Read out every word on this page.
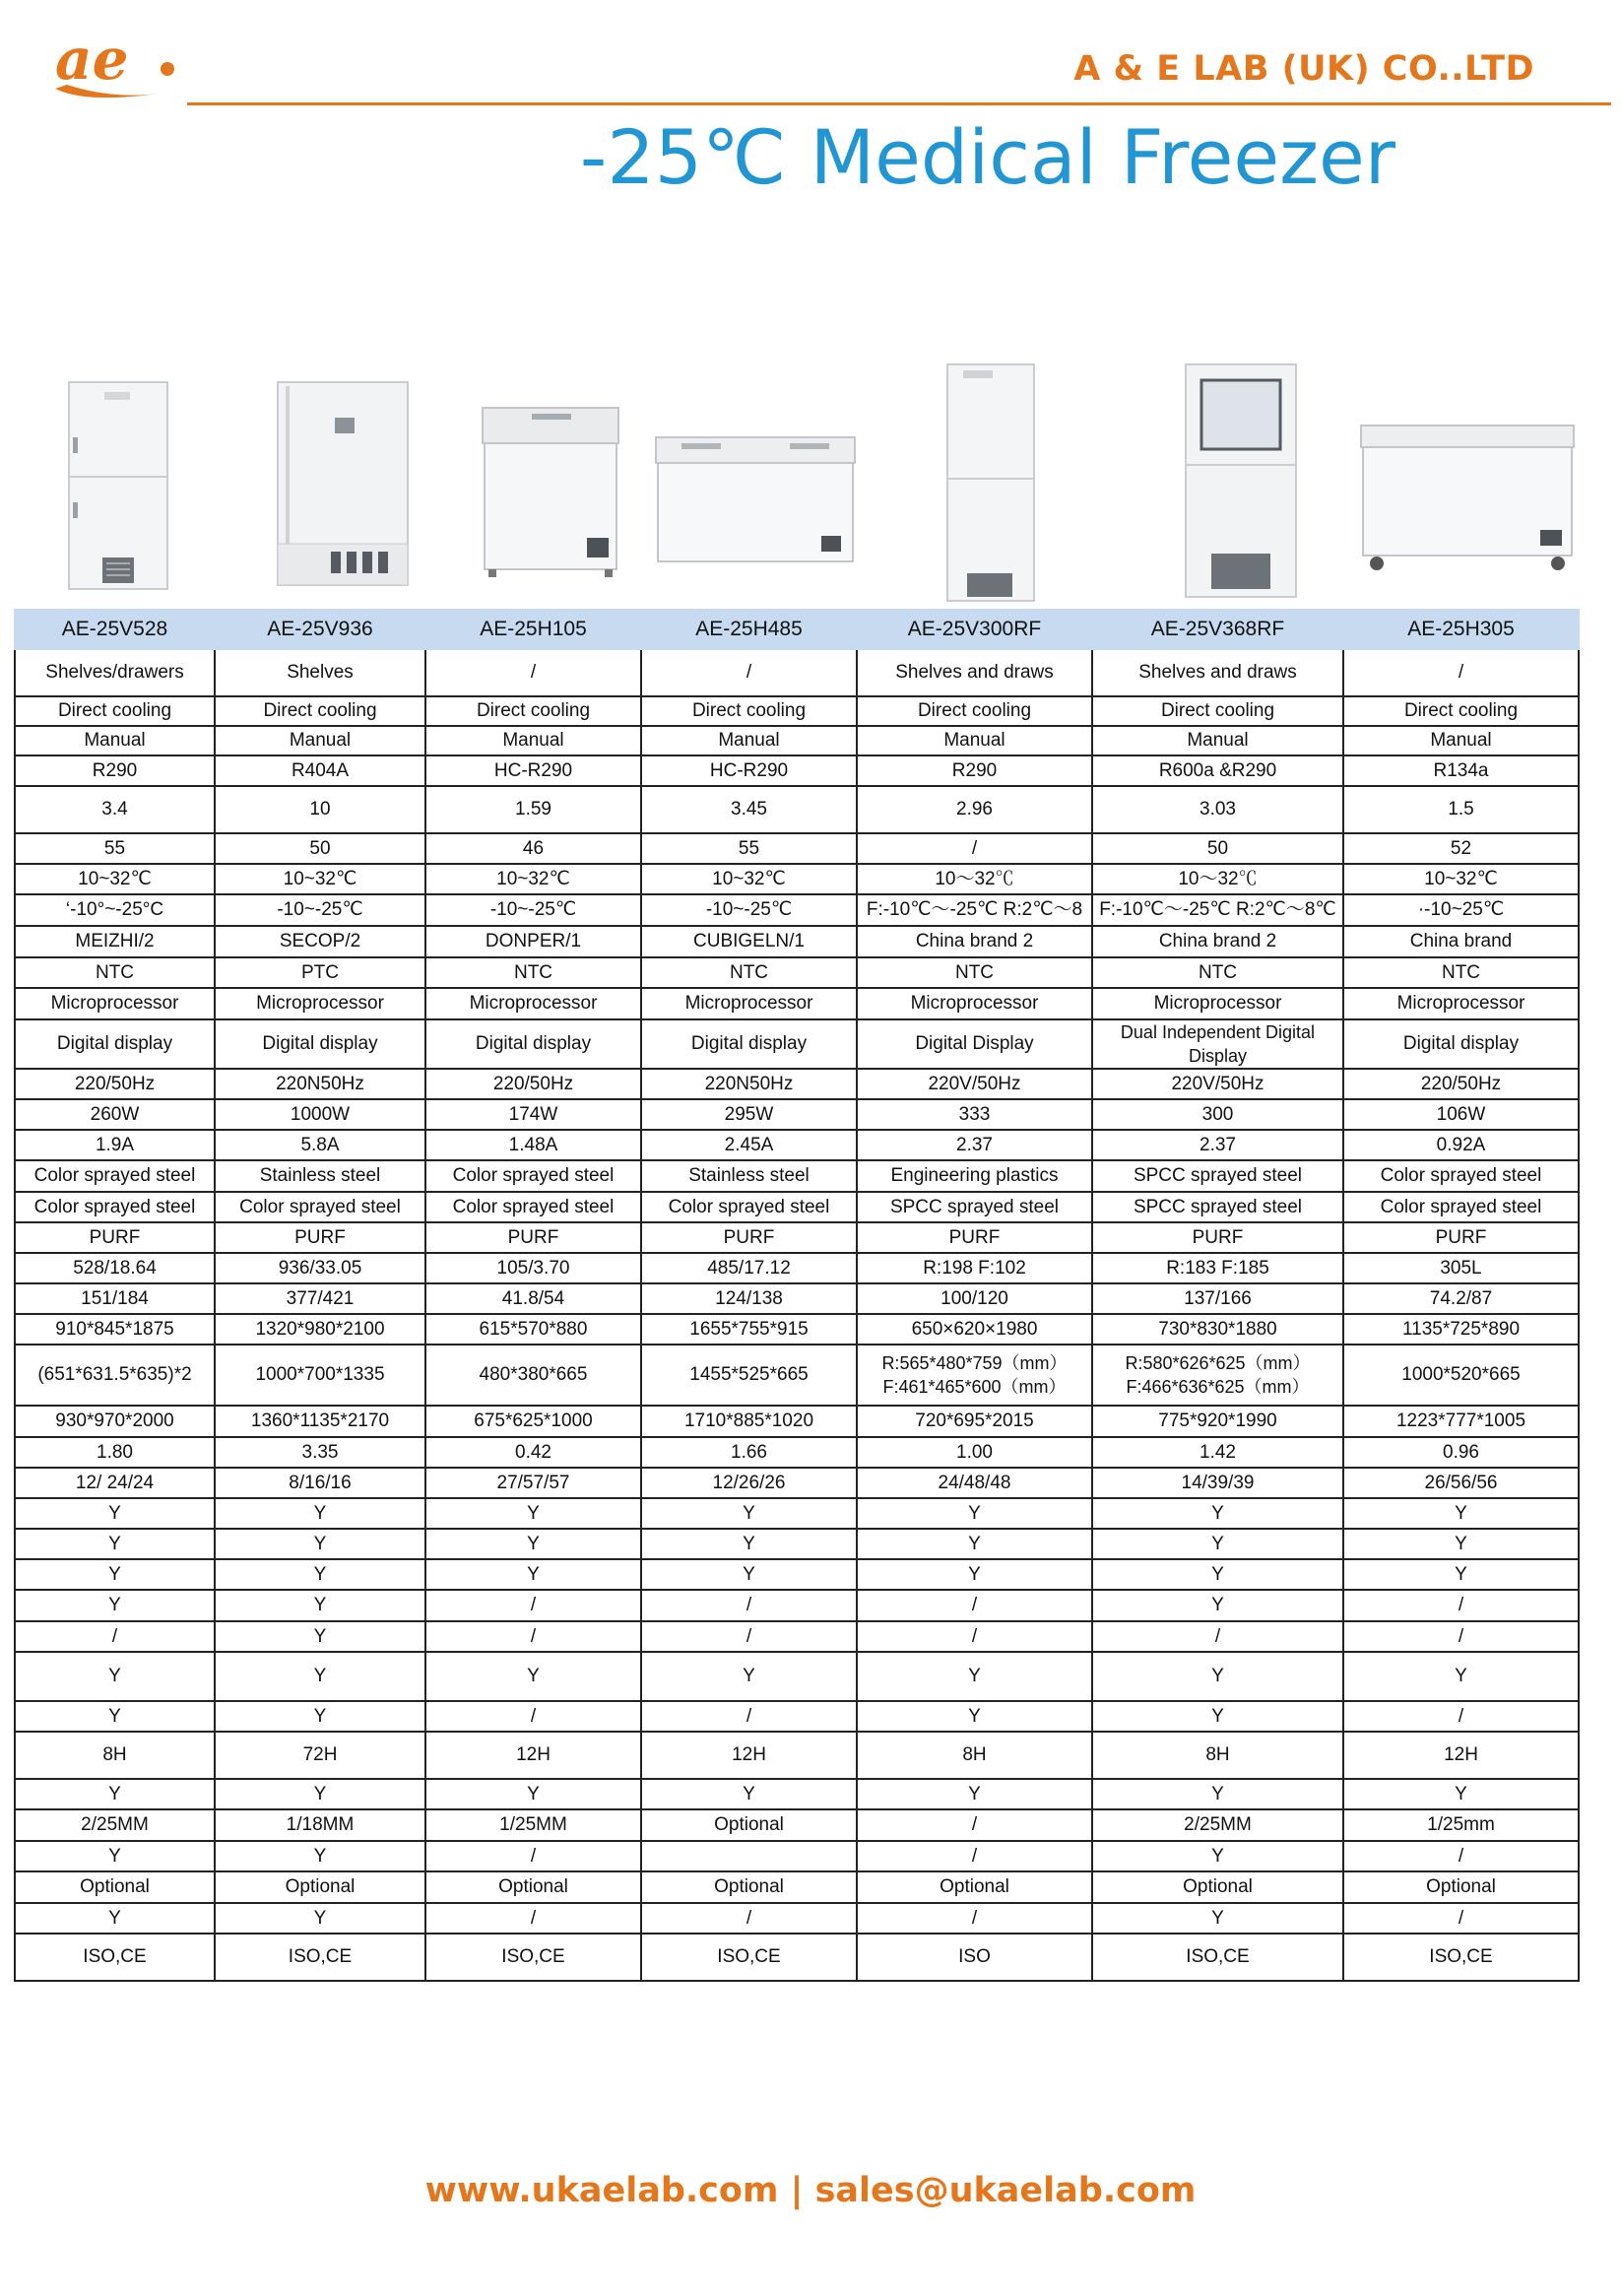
ae	A & E LAB (UK) CO..LTD
-25℃ Medical Freezer
AE-25V528	AE-25V936	AE-25H105	AE-25H485	AE-25V300RF	AE-25V368RF	AE-25H305
Shelves/drawers	Shelves	/	/	Shelves and draws	Shelves and draws	/
Direct cooling	Direct cooling	Direct cooling	Direct cooling	Direct cooling	Direct cooling	Direct cooling
Manual	Manual	Manual	Manual	Manual	Manual	Manual
R290	R404A	HC-R290	HC-R290	R290	R600a &R290	R134a
3.4	10	1.59	3.45	2.96	3.03	1.5
55	50	46	55	/	50	52
10~32℃	10~32℃	10~32℃	10~32℃	10～32℃	10～32℃	10~32℃
‘-10°~-25°C	-10~-25℃	-10~-25℃	-10~-25℃	F:-10℃～-25℃ R:2℃～8	F:-10℃～-25℃ R:2℃～8℃	·-10~25℃
MEIZHI/2	SECOP/2	DONPER/1	CUBIGELN/1	China brand 2	China brand 2	China brand
NTC	PTC	NTC	NTC	NTC	NTC	NTC
Microprocessor	Microprocessor	Microprocessor	Microprocessor	Microprocessor	Microprocessor	Microprocessor
Digital display	Digital display	Digital display	Digital display	Digital Display	Dual Independent Digital Display	Digital display
220/50Hz	220N50Hz	220/50Hz	220N50Hz	220V/50Hz	220V/50Hz	220/50Hz
260W	1000W	174W	295W	333	300	106W
1.9A	5.8A	1.48A	2.45A	2.37	2.37	0.92A
Color sprayed steel	Stainless steel	Color sprayed steel	Stainless steel	Engineering plastics	SPCC sprayed steel	Color sprayed steel
Color sprayed steel	Color sprayed steel	Color sprayed steel	Color sprayed steel	SPCC sprayed steel	SPCC sprayed steel	Color sprayed steel
PURF	PURF	PURF	PURF	PURF	PURF	PURF
528/18.64	936/33.05	105/3.70	485/17.12	R:198 F:102	R:183 F:185	305L
151/184	377/421	41.8/54	124/138	100/120	137/166	74.2/87
910*845*1875	1320*980*2100	615*570*880	1655*755*915	650×620×1980	730*830*1880	1135*725*890
(651*631.5*635)*2	1000*700*1335	480*380*665	1455*525*665	R:565*480*759（mm） F:461*465*600（mm）	R:580*626*625（mm） F:466*636*625（mm）	1000*520*665
930*970*2000	1360*1135*2170	675*625*1000	1710*885*1020	720*695*2015	775*920*1990	1223*777*1005
1.80	3.35	0.42	1.66	1.00	1.42	0.96
12/ 24/24	8/16/16	27/57/57	12/26/26	24/48/48	14/39/39	26/56/56
Y	Y	Y	Y	Y	Y	Y
Y	Y	Y	Y	Y	Y	Y
Y	Y	Y	Y	Y	Y	Y
Y	Y	/	/	/	Y	/
/	Y	/	/	/	/	/
Y	Y	Y	Y	Y	Y	Y
Y	Y	/	/	Y	Y	/
8H	72H	12H	12H	8H	8H	12H
Y	Y	Y	Y	Y	Y	Y
2/25MM	1/18MM	1/25MM	Optional	/	2/25MM	1/25mm
Y	Y	/		/	Y	/
Optional	Optional	Optional	Optional	Optional	Optional	Optional
Y	Y	/	/	/	Y	/
ISO,CE	ISO,CE	ISO,CE	ISO,CE	ISO	ISO,CE	ISO,CE
www.ukaelab.com | sales@ukaelab.com
